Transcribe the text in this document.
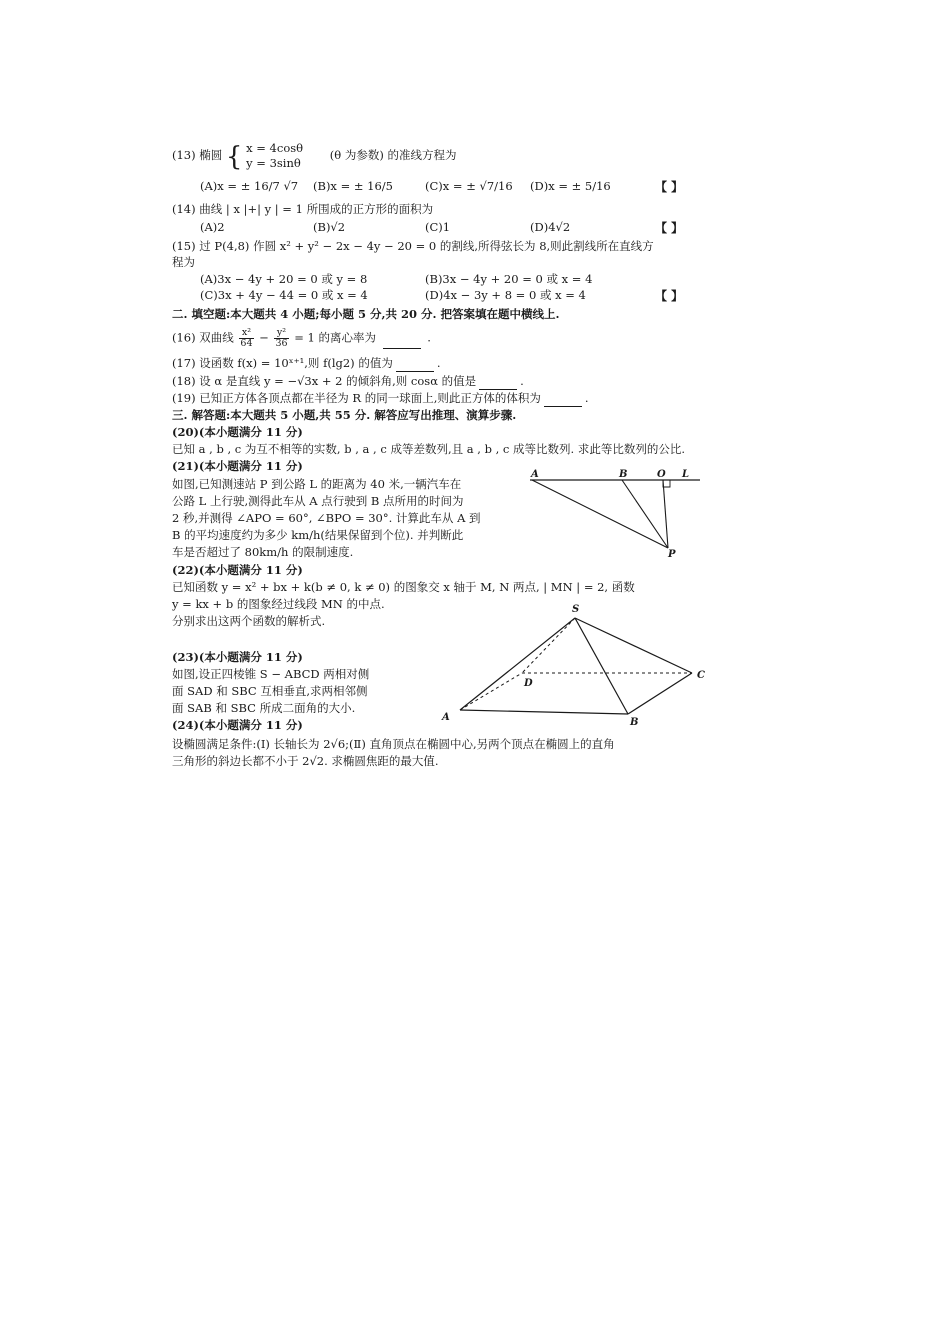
(13) 椭圆 { x = 4cosθ
y = 3sinθ
(θ 为参数) 的准线方程为
(A)x = ± 16/7 √7 (B)x = ± 16/5	(C)x = ± √7/16 (D)x = ± 5/16	【 】
(14) 曲线 | x |+| y | = 1 所围成的正方形的面积为
(A)2	(B)√2	(C)1	(D)4√2	【 】
(15) 过 P(4,8) 作圆 x² + y² − 2x − 4y − 20 = 0 的割线,所得弦长为 8,则此割线所在直线方
程为
(A)3x − 4y + 20 = 0 或 y = 8	(B)3x − 4y + 20 = 0 或 x = 4
(C)3x + 4y − 44 = 0 或 x = 4	(D)4x − 3y + 8 = 0 或 x = 4	【 】
二. 填空题:本大题共 4 小题;每小题 5 分,共 20 分. 把答案填在题中横线上.
(16) 双曲线 $\frac{\text{x²}}{64} - \frac{\text{y²}}{36} = 1$ 的离心率为	.
(17) 设函数 f(x) = 10ˣ⁺¹,则 f(lg2) 的值为	.
(18) 设 α 是直线 y = −√3x + 2 的倾斜角,则 cosα 的值是	.
(19) 已知正方体各顶点都在半径为 R 的同一球面上,则此正方体的体积为	.
三. 解答题:本大题共 5 小题,共 55 分. 解答应写出推理、演算步骤.
(20)(本小题满分 11 分)
已知 a , b , c 为互不相等的实数, b , a , c 成等差数列,且 a , b , c 成等比数列. 求此等比数列的公比.
(21)(本小题满分 11 分)
如图,已知测速站 P 到公路 L 的距离为 40 米,一辆汽车在
公路 L 上行驶,测得此车从 A 点行驶到 B 点所用的时间为
2 秒,并测得 ∠APO = 60°, ∠BPO = 30°. 计算此车从 A 到
B 的平均速度约为多少 km/h(结果保留到个位). 并判断此
车是否超过了 80km/h 的限制速度.
A	B	O L
P
(22)(本小题满分 11 分)
已知函数 y = x² + bx + k(b ≠ 0, k ≠ 0) 的图象交 x 轴于 M, N 两点, | MN | = 2, 函数
y = kx + b 的图象经过线段 MN 的中点.
分别求出这两个函数的解析式.
(23)(本小题满分 11 分)
如图,设正四棱锥 S − ABCD 两相对侧
面 SAD 和 SBC 互相垂直,求两相邻侧
面 SAB 和 SBC 所成二面角的大小.
S
D
C
A	B
(24)(本小题满分 11 分)
设椭圆满足条件:(Ⅰ) 长轴长为 2√6;(Ⅱ) 直角顶点在椭圆中心,另两个顶点在椭圆上的直角
三角形的斜边长都不小于 2√2. 求椭圆焦距的最大值.
